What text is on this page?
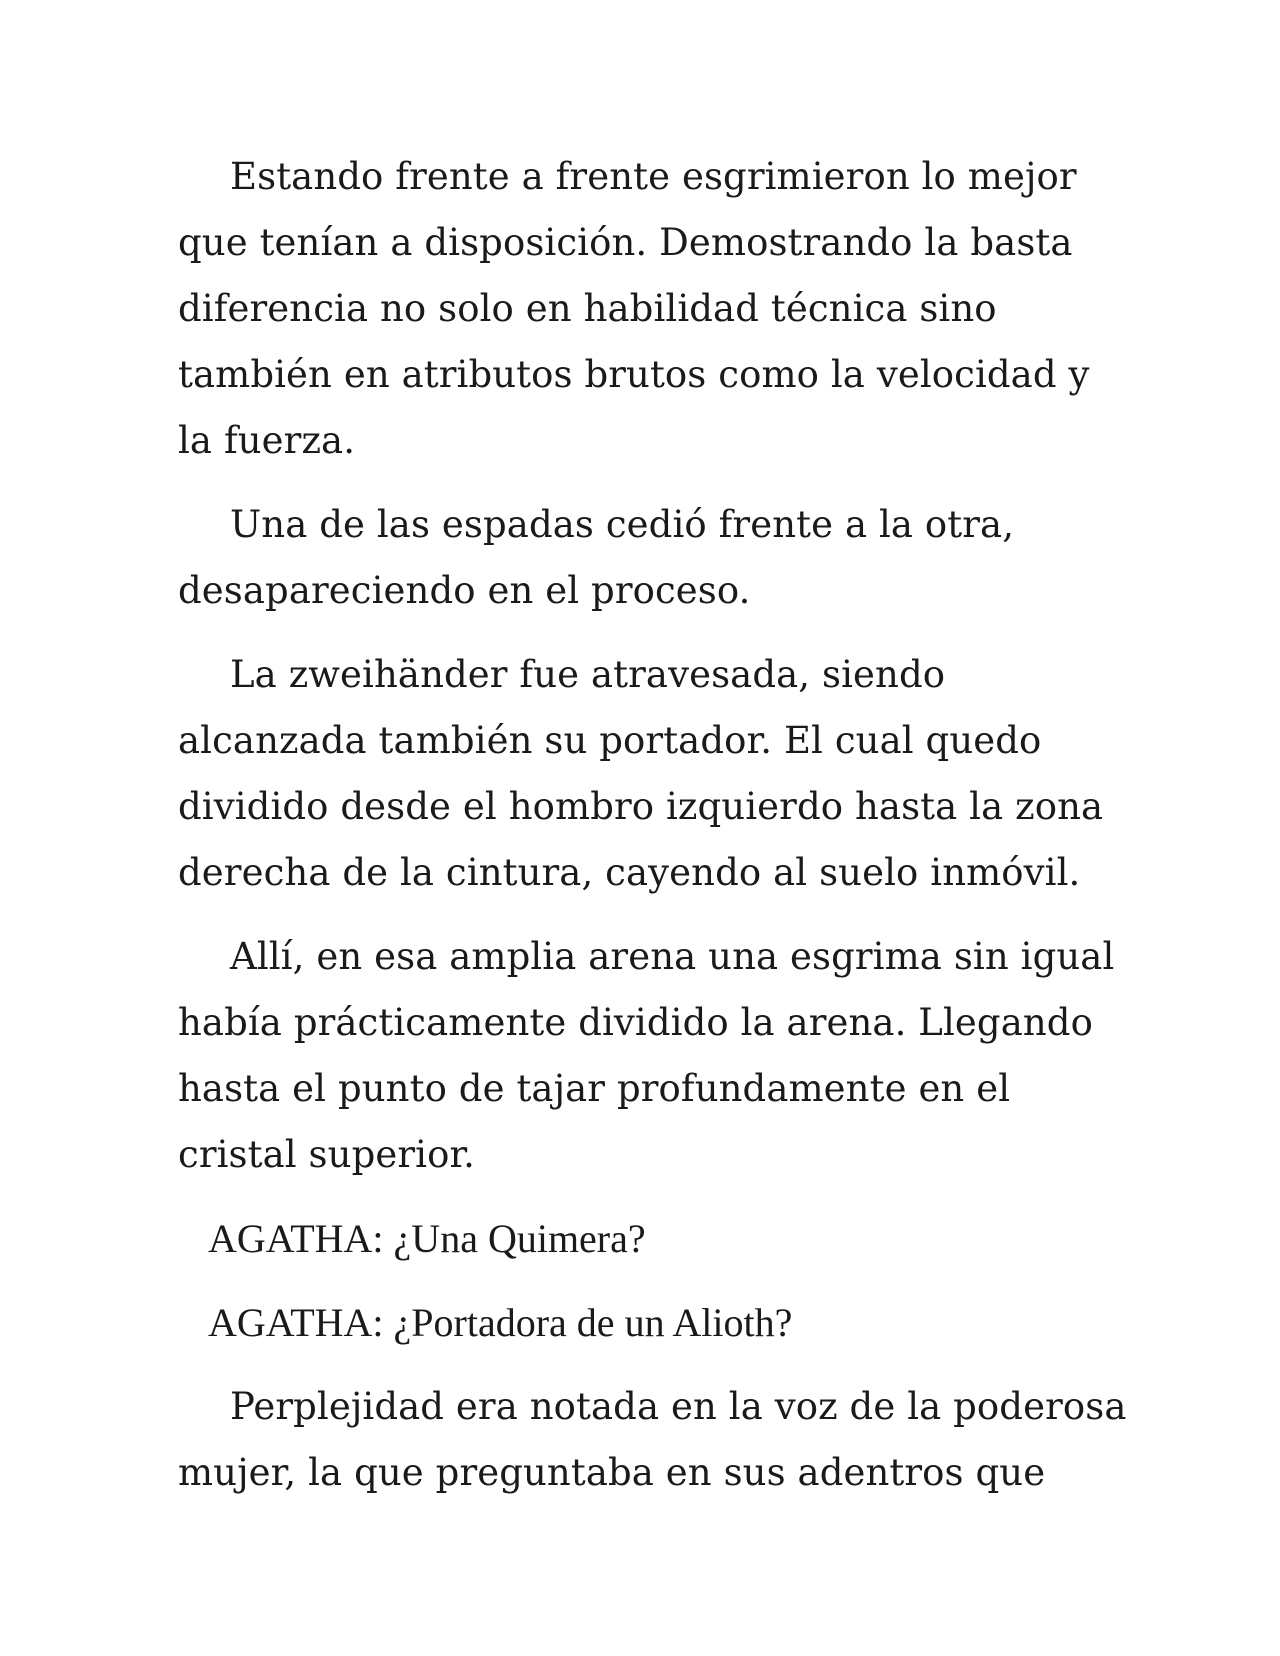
Estando frente a frente esgrimieron lo mejor
que tenían a disposición. Demostrando la basta
diferencia no solo en habilidad técnica sino
también en atributos brutos como la velocidad y
la fuerza.

Una de las espadas cedió frente a la otra,
desapareciendo en el proceso.

La zweihänder fue atravesada, siendo
alcanzada también su portador. El cual quedo
dividido desde el hombro izquierdo hasta la zona
derecha de la cintura, cayendo al suelo inmóvil.

Allí, en esa amplia arena una esgrima sin igual
había prácticamente dividido la arena. Llegando
hasta el punto de tajar profundamente en el
cristal superior.

AGATHA: ¿Una Quimera?

AGATHA: ¿Portadora de un Alioth?

Perplejidad era notada en la voz de la poderosa
mujer, la que preguntaba en sus adentros que
